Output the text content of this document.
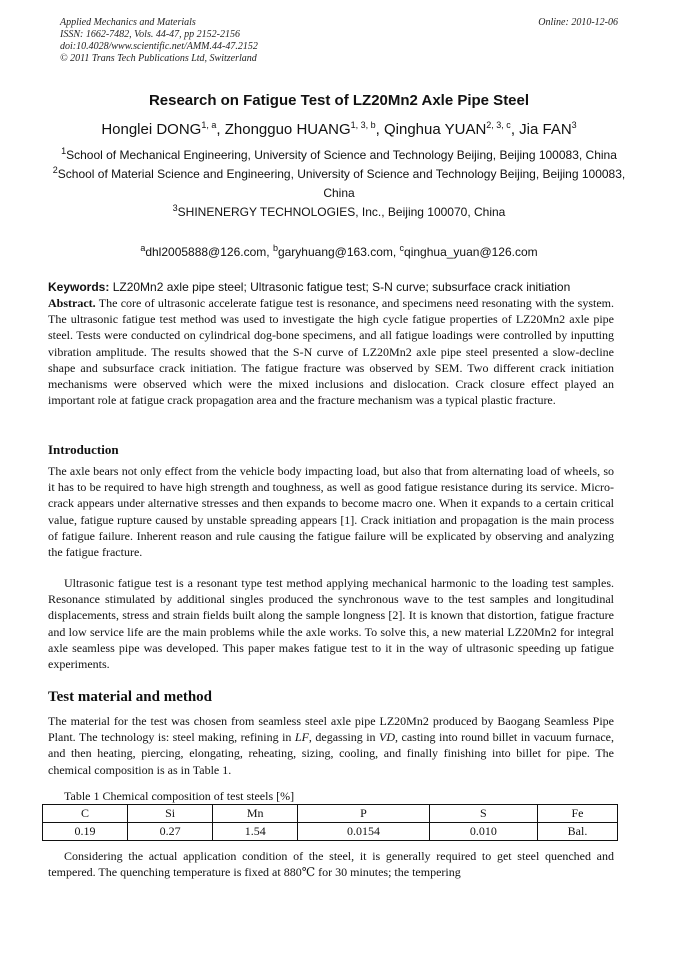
Applied Mechanics and Materials
ISSN: 1662-7482, Vols. 44-47, pp 2152-2156
doi:10.4028/www.scientific.net/AMM.44-47.2152
© 2011 Trans Tech Publications Ltd, Switzerland
Online: 2010-12-06
Research on Fatigue Test of LZ20Mn2 Axle Pipe Steel
Honglei DONG$^{1, a}$, Zhongguo HUANG$^{1, 3, b}$, Qinghua YUAN$^{2, 3, c}$, Jia FAN$^3$
$^1$School of Mechanical Engineering, University of Science and Technology Beijing, Beijing 100083, China
$^2$School of Material Science and Engineering, University of Science and Technology Beijing, Beijing 100083, China
$^3$SHINENERGY TECHNOLOGIES, Inc., Beijing 100070, China
$^a$dhl2005888@126.com, $^b$garyhuang@163.com, $^c$qinghua_yuan@126.com
Keywords: LZ20Mn2 axle pipe steel; Ultrasonic fatigue test; S-N curve; subsurface crack initiation
Abstract. The core of ultrasonic accelerate fatigue test is resonance, and specimens need resonating with the system. The ultrasonic fatigue test method was used to investigate the high cycle fatigue properties of LZ20Mn2 axle pipe steel. Tests were conducted on cylindrical dog-bone specimens, and all fatigue loadings were controlled by inputting vibration amplitude. The results showed that the S-N curve of LZ20Mn2 axle pipe steel presented a slow-decline shape and subsurface crack initiation. The fatigue fracture was observed by SEM. Two different crack initiation mechanisms were observed which were the mixed inclusions and dislocation. Crack closure effect played an important role at fatigue crack propagation area and the fracture mechanism was a typical plastic fracture.
Introduction
The axle bears not only effect from the vehicle body impacting load, but also that from alternating load of wheels, so it has to be required to have high strength and toughness, as well as good fatigue resistance during its service. Micro-crack appears under alternative stresses and then expands to become macro one. When it expands to a certain critical value, fatigue rupture caused by unstable spreading appears [1]. Crack initiation and propagation is the main process of fatigue failure. Inherent reason and rule causing the fatigue failure will be explicated by observing and analyzing the fatigue fracture.
Ultrasonic fatigue test is a resonant type test method applying mechanical harmonic to the loading test samples. Resonance stimulated by additional singles produced the synchronous wave to the test samples and longitudinal displacements, stress and strain fields built along the sample longness [2]. It is known that distortion, fatigue fracture and low service life are the main problems while the axle works. To solve this, a new material LZ20Mn2 for integral axle seamless pipe was developed. This paper makes fatigue test to it in the way of ultrasonic speeding up fatigue experiments.
Test material and method
The material for the test was chosen from seamless steel axle pipe LZ20Mn2 produced by Baogang Seamless Pipe Plant. The technology is: steel making, refining in LF, degassing in VD, casting into round billet in vacuum furnace, and then heating, piercing, elongating, reheating, sizing, cooling, and finally finishing into billet for pipe. The chemical composition is as in Table 1.
Table 1 Chemical composition of test steels [%]
C	Si	Mn	P	S	Fe
0.19	0.27	1.54	0.0154	0.010	Bal.
Considering the actual application condition of the steel, it is generally required to get steel quenched and tempered. The quenching temperature is fixed at 880℃ for 30 minutes; the tempering
